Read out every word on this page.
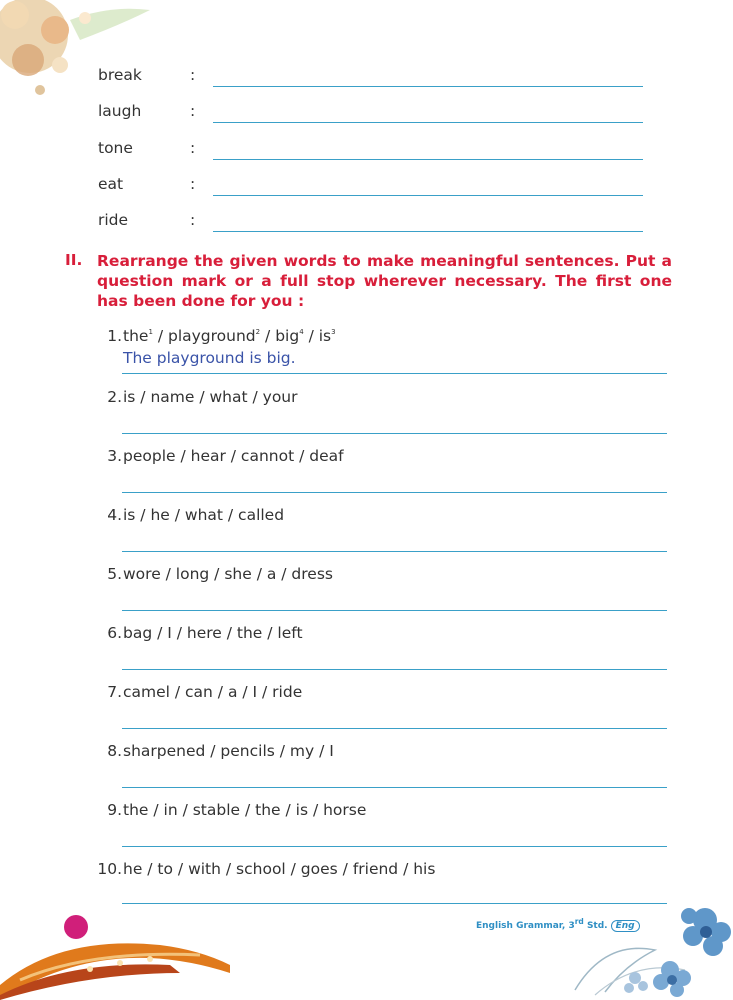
break	:
laugh	:
tone	:
eat	:
ride	:
II. Rearrange the given words to make meaningful sentences. Put a question mark or a full stop wherever necessary. The first one has been done for you :
1. the$^1$ / playground$^2$ / $big^4 / is^3$
The playground is big.
2. is / name / what / your
3. people / hear / cannot / deaf
4. is / he / what / called
5. wore / long / she / a / dress
6. bag / I / here / the / left
7. camel / can / a / I / ride
8. sharpened / pencils / my / I
9. the / in / stable / the / is / horse
10. he / to / with / school / goes / friend / his
English Grammar, 3rd Std. Eng
